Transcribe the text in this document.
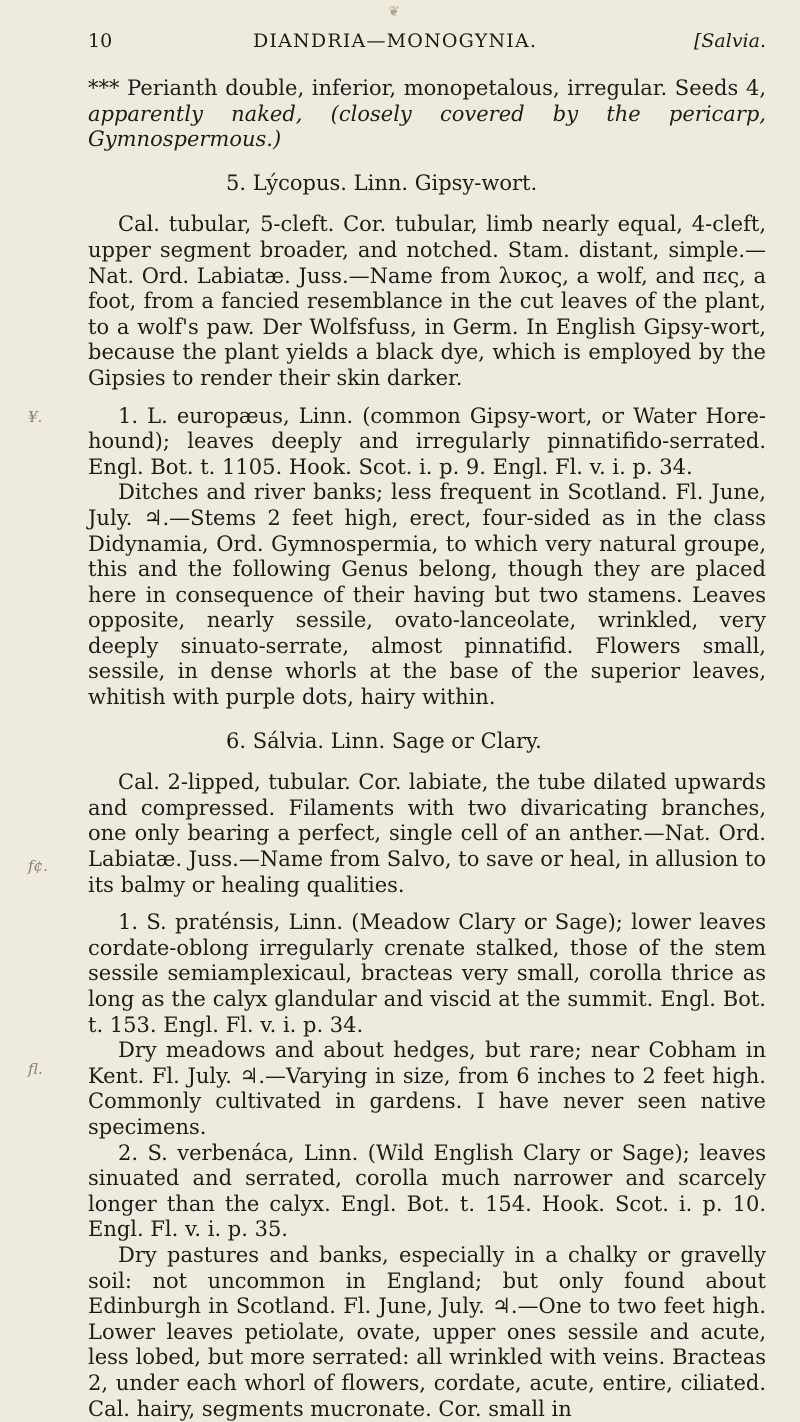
❦
10	DIANDRIA—MONOGYNIA.	[Salvia.
¥.
f¢.
fl.

*** Perianth double, inferior, monopetalous, irregular. Seeds 4, apparently naked, (closely covered by the pericarp, Gymnospermous.)

5. Lýcopus. Linn. Gipsy-wort.

Cal. tubular, 5-cleft. Cor. tubular, limb nearly equal, 4-cleft, upper segment broader, and notched. Stam. distant, simple.—Nat. Ord. Labiatæ. Juss.—Name from λυκος, a wolf, and πες, a foot, from a fancied resemblance in the cut leaves of the plant, to a wolf's paw. Der Wolfsfuss, in Germ. In English Gipsy-wort, because the plant yields a black dye, which is employed by the Gipsies to render their skin darker.

1. L. europæus, Linn. (common Gipsy-wort, or Water Hore-hound); leaves deeply and irregularly pinnatifido-serrated. Engl. Bot. t. 1105. Hook. Scot. i. p. 9. Engl. Fl. v. i. p. 34.

Ditches and river banks; less frequent in Scotland. Fl. June, July. ♃.—Stems 2 feet high, erect, four-sided as in the class Didynamia, Ord. Gymnospermia, to which very natural groupe, this and the following Genus belong, though they are placed here in consequence of their having but two stamens. Leaves opposite, nearly sessile, ovato-lanceolate, wrinkled, very deeply sinuato-serrate, almost pinnatifid. Flowers small, sessile, in dense whorls at the base of the superior leaves, whitish with purple dots, hairy within.

6. Sálvia. Linn. Sage or Clary.

Cal. 2-lipped, tubular. Cor. labiate, the tube dilated upwards and compressed. Filaments with two divaricating branches, one only bearing a perfect, single cell of an anther.—Nat. Ord. Labiatæ. Juss.—Name from Salvo, to save or heal, in allusion to its balmy or healing qualities.

1. S. praténsis, Linn. (Meadow Clary or Sage); lower leaves cordate-oblong irregularly crenate stalked, those of the stem sessile semiamplexicaul, bracteas very small, corolla thrice as long as the calyx glandular and viscid at the summit. Engl. Bot. t. 153. Engl. Fl. v. i. p. 34.

Dry meadows and about hedges, but rare; near Cobham in Kent. Fl. July. ♃.—Varying in size, from 6 inches to 2 feet high. Commonly cultivated in gardens. I have never seen native specimens.

2. S. verbenáca, Linn. (Wild English Clary or Sage); leaves sinuated and serrated, corolla much narrower and scarcely longer than the calyx. Engl. Bot. t. 154. Hook. Scot. i. p. 10. Engl. Fl. v. i. p. 35.

Dry pastures and banks, especially in a chalky or gravelly soil: not uncommon in England; but only found about Edinburgh in Scotland. Fl. June, July. ♃.—One to two feet high. Lower leaves petiolate, ovate, upper ones sessile and acute, less lobed, but more serrated: all wrinkled with veins. Bracteas 2, under each whorl of flowers, cordate, acute, entire, ciliated. Cal. hairy, segments mucronate. Cor. small in
